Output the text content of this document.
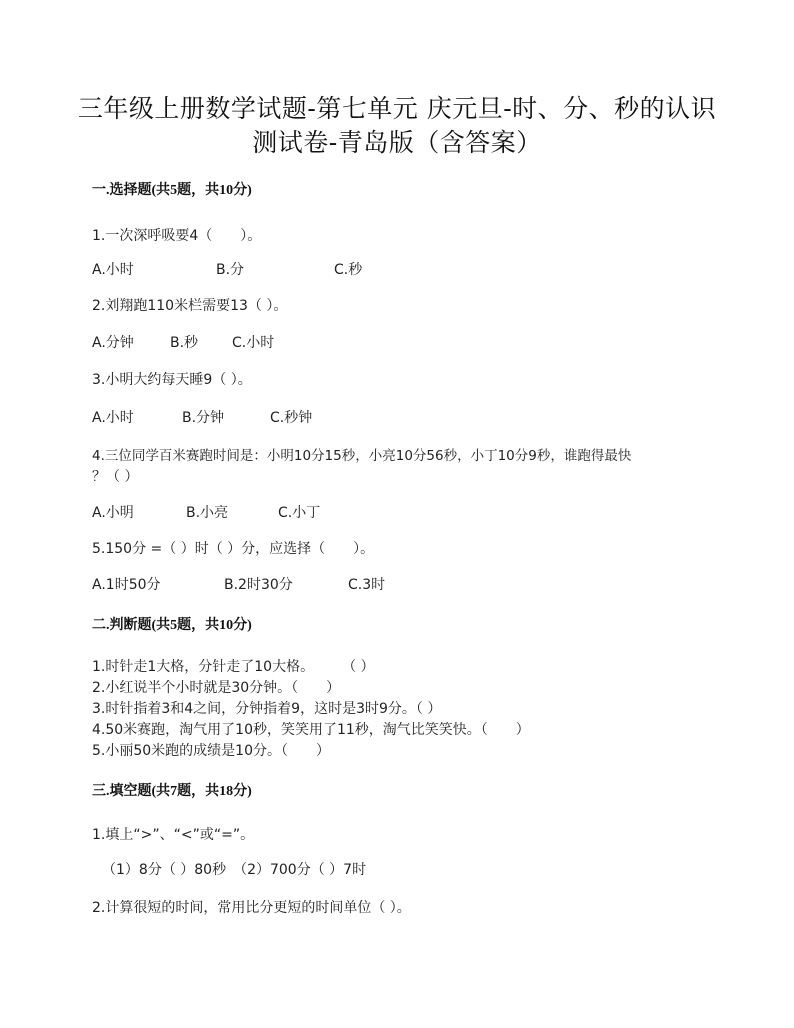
三年级上册数学试题-第七单元 庆元旦-时、分、秒的认识
测试卷-青岛版（含答案）
一.选择题(共5题，共10分)
1.一次深呼吸要4（　　）。
A.小时	B.分	C.秒
2.刘翔跑110米栏需要13（ ）。
A.分钟	B.秒 C.小时
3.小明大约每天睡9（ ）。
A.小时	B.分钟	C.秒钟
4.三位同学百米赛跑时间是：小明10分15秒，小亮10分56秒，小丁10分9秒，谁跑得最快
？（ ）
A.小明	B.小亮	C.小丁
5.150分 =（ ）时（ ）分，应选择（　　）。
A.1时50分	B.2时30分	C.3时
二.判断题(共5题，共10分)
1.时针走1大格，分针走了10大格。　　　（ ）
2.小红说半个小时就是30分钟。（　　）
3.时针指着3和4之间，分钟指着9，这时是3时9分。（ ）
4.50米赛跑，淘气用了10秒，笑笑用了11秒，淘气比笑笑快。（　　）
5.小丽50米跑的成绩是10分。（　　）
三.填空题(共7题，共18分)
1.填上“>”、“<”或“=”。
（1）8分（ ）80秒　（2）700分（ ）7时
2.计算很短的时间，常用比分更短的时间单位（ ）。
